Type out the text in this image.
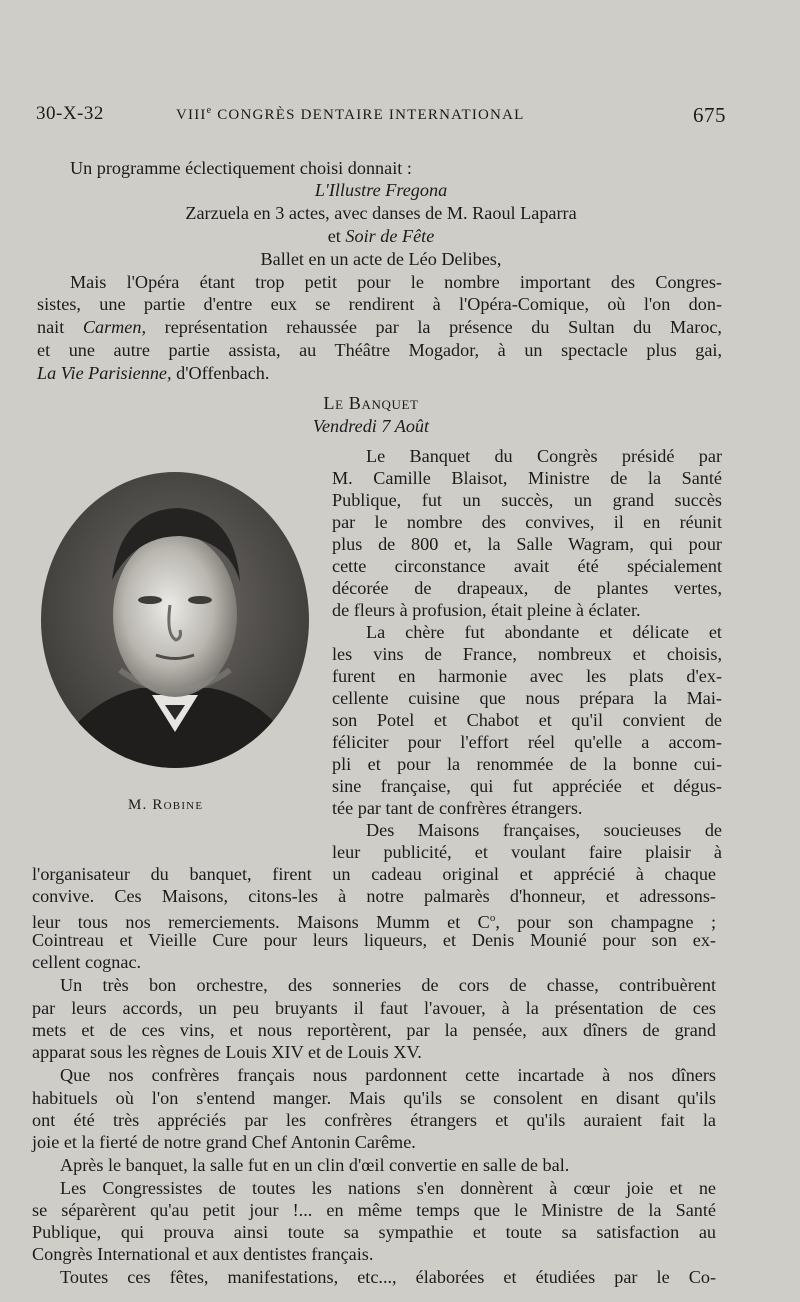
30-X-32	VIIIe CONGRÈS DENTAIRE INTERNATIONAL	675
Un programme éclectiquement choisi donnait :
L'Illustre Fregona
Zarzuela en 3 actes, avec danses de M. Raoul Laparra
et Soir de Fête
Ballet en un acte de Léo Delibes,
Mais l'Opéra étant trop petit pour le nombre important des Congres-
sistes, une partie d'entre eux se rendirent à l'Opéra-Comique, où l'on don-
nait Carmen, représentation rehaussée par la présence du Sultan du Maroc,
et une autre partie assista, au Théâtre Mogador, à un spectacle plus gai,
La Vie Parisienne, d'Offenbach.
Le Banquet
Vendredi 7 Août
M. Robine
Le Banquet du Congrès présidé par
M. Camille Blaisot, Ministre de la Santé
Publique, fut un succès, un grand succès
par le nombre des convives, il en réunit
plus de 800 et, la Salle Wagram, qui pour
cette circonstance avait été spécialement
décorée de drapeaux, de plantes vertes,
de fleurs à profusion, était pleine à éclater.
La chère fut abondante et délicate et
les vins de France, nombreux et choisis,
furent en harmonie avec les plats d'ex-
cellente cuisine que nous prépara la Mai-
son Potel et Chabot et qu'il convient de
féliciter pour l'effort réel qu'elle a accom-
pli et pour la renommée de la bonne cui-
sine française, qui fut appréciée et dégus-
tée par tant de confrères étrangers.
Des Maisons françaises, soucieuses de
leur publicité, et voulant faire plaisir à
l'organisateur du banquet, firent un cadeau original et apprécié à chaque
convive. Ces Maisons, citons-les à notre palmarès d'honneur, et adressons-
leur tous nos remerciements. Maisons Mumm et $C^o$, pour son champagne ;
Cointreau et Vieille Cure pour leurs liqueurs, et Denis Mounié pour son ex-
cellent cognac.
Un très bon orchestre, des sonneries de cors de chasse, contribuèrent
par leurs accords, un peu bruyants il faut l'avouer, à la présentation de ces
mets et de ces vins, et nous reportèrent, par la pensée, aux dîners de grand
apparat sous les règnes de Louis XIV et de Louis XV.
Que nos confrères français nous pardonnent cette incartade à nos dîners
habituels où l'on s'entend manger. Mais qu'ils se consolent en disant qu'ils
ont été très appréciés par les confrères étrangers et qu'ils auraient fait la
joie et la fierté de notre grand Chef Antonin Carême.
Après le banquet, la salle fut en un clin d'œil convertie en salle de bal.
Les Congressistes de toutes les nations s'en donnèrent à cœur joie et ne
se séparèrent qu'au petit jour !... en même temps que le Ministre de la Santé
Publique, qui prouva ainsi toute sa sympathie et toute sa satisfaction au
Congrès International et aux dentistes français.
Toutes ces fêtes, manifestations, etc..., élaborées et étudiées par le Co-
